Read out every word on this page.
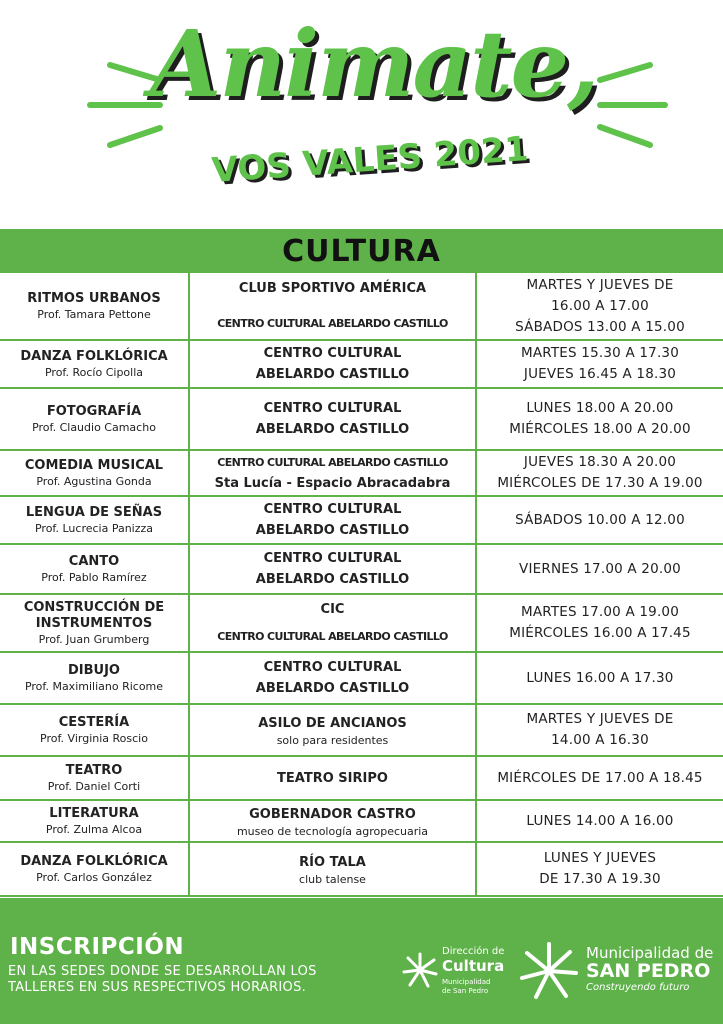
Animate,
VOS VALES 2021
CULTURA
RITMOS URBANOS
Prof. Tamara Pettone
CLUB SPORTIVO AMÉRICA
CENTRO CULTURAL ABELARDO CASTILLO
MARTES Y JUEVES DE
16.00 A 17.00
SÁBADOS 13.00 A 15.00
DANZA FOLKLÓRICA
Prof. Rocío Cipolla
CENTRO CULTURAL
ABELARDO CASTILLO
MARTES 15.30 A 17.30
JUEVES 16.45 A 18.30
FOTOGRAFÍA
Prof. Claudio Camacho
CENTRO CULTURAL
ABELARDO CASTILLO
LUNES 18.00 A 20.00
MIÉRCOLES 18.00 A 20.00
COMEDIA MUSICAL
Prof. Agustina Gonda
CENTRO CULTURAL ABELARDO CASTILLO
Sta Lucía - Espacio Abracadabra
JUEVES 18.30 A 20.00
MIÉRCOLES DE 17.30 A 19.00
LENGUA DE SEÑAS
Prof. Lucrecia Panizza
CENTRO CULTURAL
ABELARDO CASTILLO
SÁBADOS 10.00 A 12.00
CANTO
Prof. Pablo Ramírez
CENTRO CULTURAL
ABELARDO CASTILLO
VIERNES 17.00 A 20.00
CONSTRUCCIÓN DE INSTRUMENTOS
Prof. Juan Grumberg
CIC
CENTRO CULTURAL ABELARDO CASTILLO
MARTES 17.00 A 19.00
MIÉRCOLES 16.00 A 17.45
DIBUJO
Prof. Maximiliano Ricome
CENTRO CULTURAL
ABELARDO CASTILLO
LUNES 16.00 A 17.30
CESTERÍA
Prof. Virginia Roscio
ASILO DE ANCIANOS
solo para residentes
MARTES Y JUEVES DE
14.00 A 16.30
TEATRO
Prof. Daniel Corti
TEATRO SIRIPO	MIÉRCOLES DE 17.00 A 18.45
LITERATURA
Prof. Zulma Alcoa
GOBERNADOR CASTRO
museo de tecnología agropecuaria
LUNES 14.00 A 16.00
DANZA FOLKLÓRICA
Prof. Carlos González
RÍO TALA
club talense
LUNES Y JUEVES
DE 17.30 A 19.30
INSCRIPCIÓN
EN LAS SEDES DONDE SE DESARROLLAN LOS TALLERES EN SUS RESPECTIVOS HORARIOS.
Dirección de
Cultura
Municipalidad
de San Pedro
Municipalidad de
SAN PEDRO
Construyendo futuro
